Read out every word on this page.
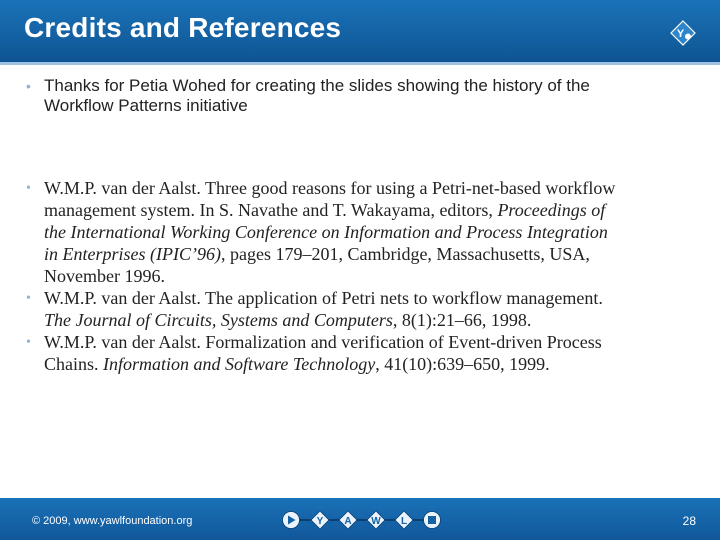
Credits and References	Y
• Thanks for Petia Wohed for creating the slides showing the history of the
Workflow Patterns initiative
• W.M.P. van der Aalst. Three good reasons for using a Petri-net-based workflow
management system. In S. Navathe and T. Wakayama, editors, Proceedings of
the International Working Conference on Information and Process Integration
in Enterprises (IPIC’96), pages 179–201, Cambridge, Massachusetts, USA,
November 1996.
• W.M.P. van der Aalst. The application of Petri nets to workflow management.
The Journal of Circuits, Systems and Computers, 8(1):21–66, 1998.
• W.M.P. van der Aalst. Formalization and verification of Event-driven Process
Chains. Information and Software Technology, 41(10):639–650, 1999.
© 2009, www.yawlfoundation.org	Y A W L	28
